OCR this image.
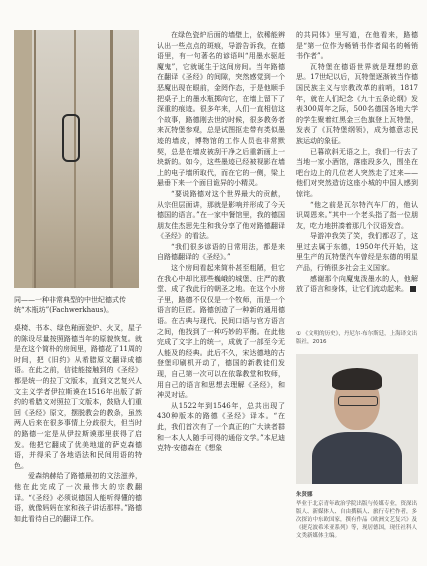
同——一种非常典型的中世纪德式传统“木瓶坊”(Fachwerkhaus)。

桌椅、书本、绿色釉面瓷炉、火叉，屋子的陈设尽量按照路德当年的原貌恢复。就是在这个简朴的房间里，路德花了11周的时间，把《旧约》从希腊原文翻译成德语。在此之前，信徒能接触到的《圣经》都是统一的拉丁文版本，直到文艺复兴人文主义学者伊拉斯谟在1516年出版了新约的希腊文对照拉丁文版本，鼓励人们重回《圣经》原文，摆脱教会的教条，虽然两人后来在很多事情上分歧很大，但当时的路德一定是从伊拉斯谟那里获得了启发。他把它翻成了优美地道的萨克森德语，并得采了各地语法和民间用语的特色。

爱森纳赫给了路德最初的文法滋养，他在此完成了一次最伟大的宗教翻译。“《圣经》必须说德国人能听得懂的德语，就像妈妈在家和孩子讲话那样。”路德如此看待自己的翻译工作。

在绿色瓷炉后面的墙壁上，依稀能辨认出一些点点的斑痕，导游告诉我，在德语里，有一句著名的谚语叫“用墨水驱赶魔鬼”，它就诞生于这间房间。当年路德在翻译《圣经》的间隙，突然感觉到一个恶魔出现在眼前，金罔作态，于是他顺手把桌子上的墨水瓶掷向它，在墙上留下了深重的痕迹。很多年来，人们一直相信这个故事，路德刚去世的时候，很多教务者来瓦特堡参观，总是试图抠走带有类似墨迹的墙皮，博物馆的工作人员也非常默契，总是在墙皮被刮干净之后重新画上一块新的。如今，这些墨迹已经被视影在墙上的电子墙所取代，而在它的一侧，梁上悬垂下来一个面目诡异的小精灵。

“要说路德对这个世界最大的贡献，从宗但层面讲，那就是影响并形成了今天德国的语言。”在一家中餐馆里，我的德国朋友佳杰思先生和我分享了他对路德翻译《圣经》的看法。

“我们很多谚语的日常用法，都是来自路德翻译的《圣经》。”

这个房间看起来简朴甚至粗陋，但它在我心中却比那些巍峨的城堡、庄严的教堂、成了我此行的朝圣之地。在这个小房子里，路德不仅仅是一个牧师，而是一个语言的巨匠。路德创造了一种新的通用德语。在古典与现代、民间口语与官方语言之间，他找到了一种巧妙的平衡。在此他完成了文字上的统一，成就了一部至今无人能及的经典。此后不久，宋达德地的古登堡印刷机开动了，德国的新教徒们发现，自己第一次可以在依靠教堂和牧师，用自己的语言和思想去理解《圣经》，和神灵对话。

从1522年到1546年，总共出现了430种版本的路德《圣经》译本。“在此，我们首次有了一个真正的广大读者群和一本人人随手可得的通俗文学。”本尼迪克特·安德森在《想象

的共同体》里写道，在他看来，路德是“第一位作为畅销书作者闻名的畅销书作者”。

瓦特堡在德语世界就是理想的意思。17世纪以后，瓦特堡逐渐被当作德国民族主义与宗教改革的前哨，1817年，就在人们纪念《九十五条论纲》发表300周年之际，500名德国各地大学的学生聚着红黑金三色旗登上瓦特堡，发表了《瓦特堡纲领》，成为德意志民族运动的象征。

已暮欲斜无语之上，我们一行去了当地一家小酒馆，落座段多久，围坐在吧台边上的几位老人突然走了过来——他们对突然造访这座小城的中国人感到惊诧。

“他之前是瓦尔特汽车厂的，他认识周恩来。”其中一个老头指了指一位朋友，吃力地拼凑着那几个汉语发音。

导游冲我笑了笑，我们都忍了，这里过去属于东德，1950年代开始，这里生产的瓦特堡汽车曾经是东德的明星产品，行销很多社会主义国家。

感谢那个向魔鬼泼墨水的人，他解放了语言和身体，让它们流动起来。

① 《文明的历史》，丹尼尔·布尔斯廷，上海译文出版社，2016
朱贤娜
毕业于北京青年政治学院出版与传媒专业，资深出版人、新媒体人、自由撰稿人、旅行专栏作者，多次探访中东欧国家，撰有作品《欧洲文艺复兴》及《捷克波希米亚系列》等，现居德国，现任社科人文类新媒体主编。
